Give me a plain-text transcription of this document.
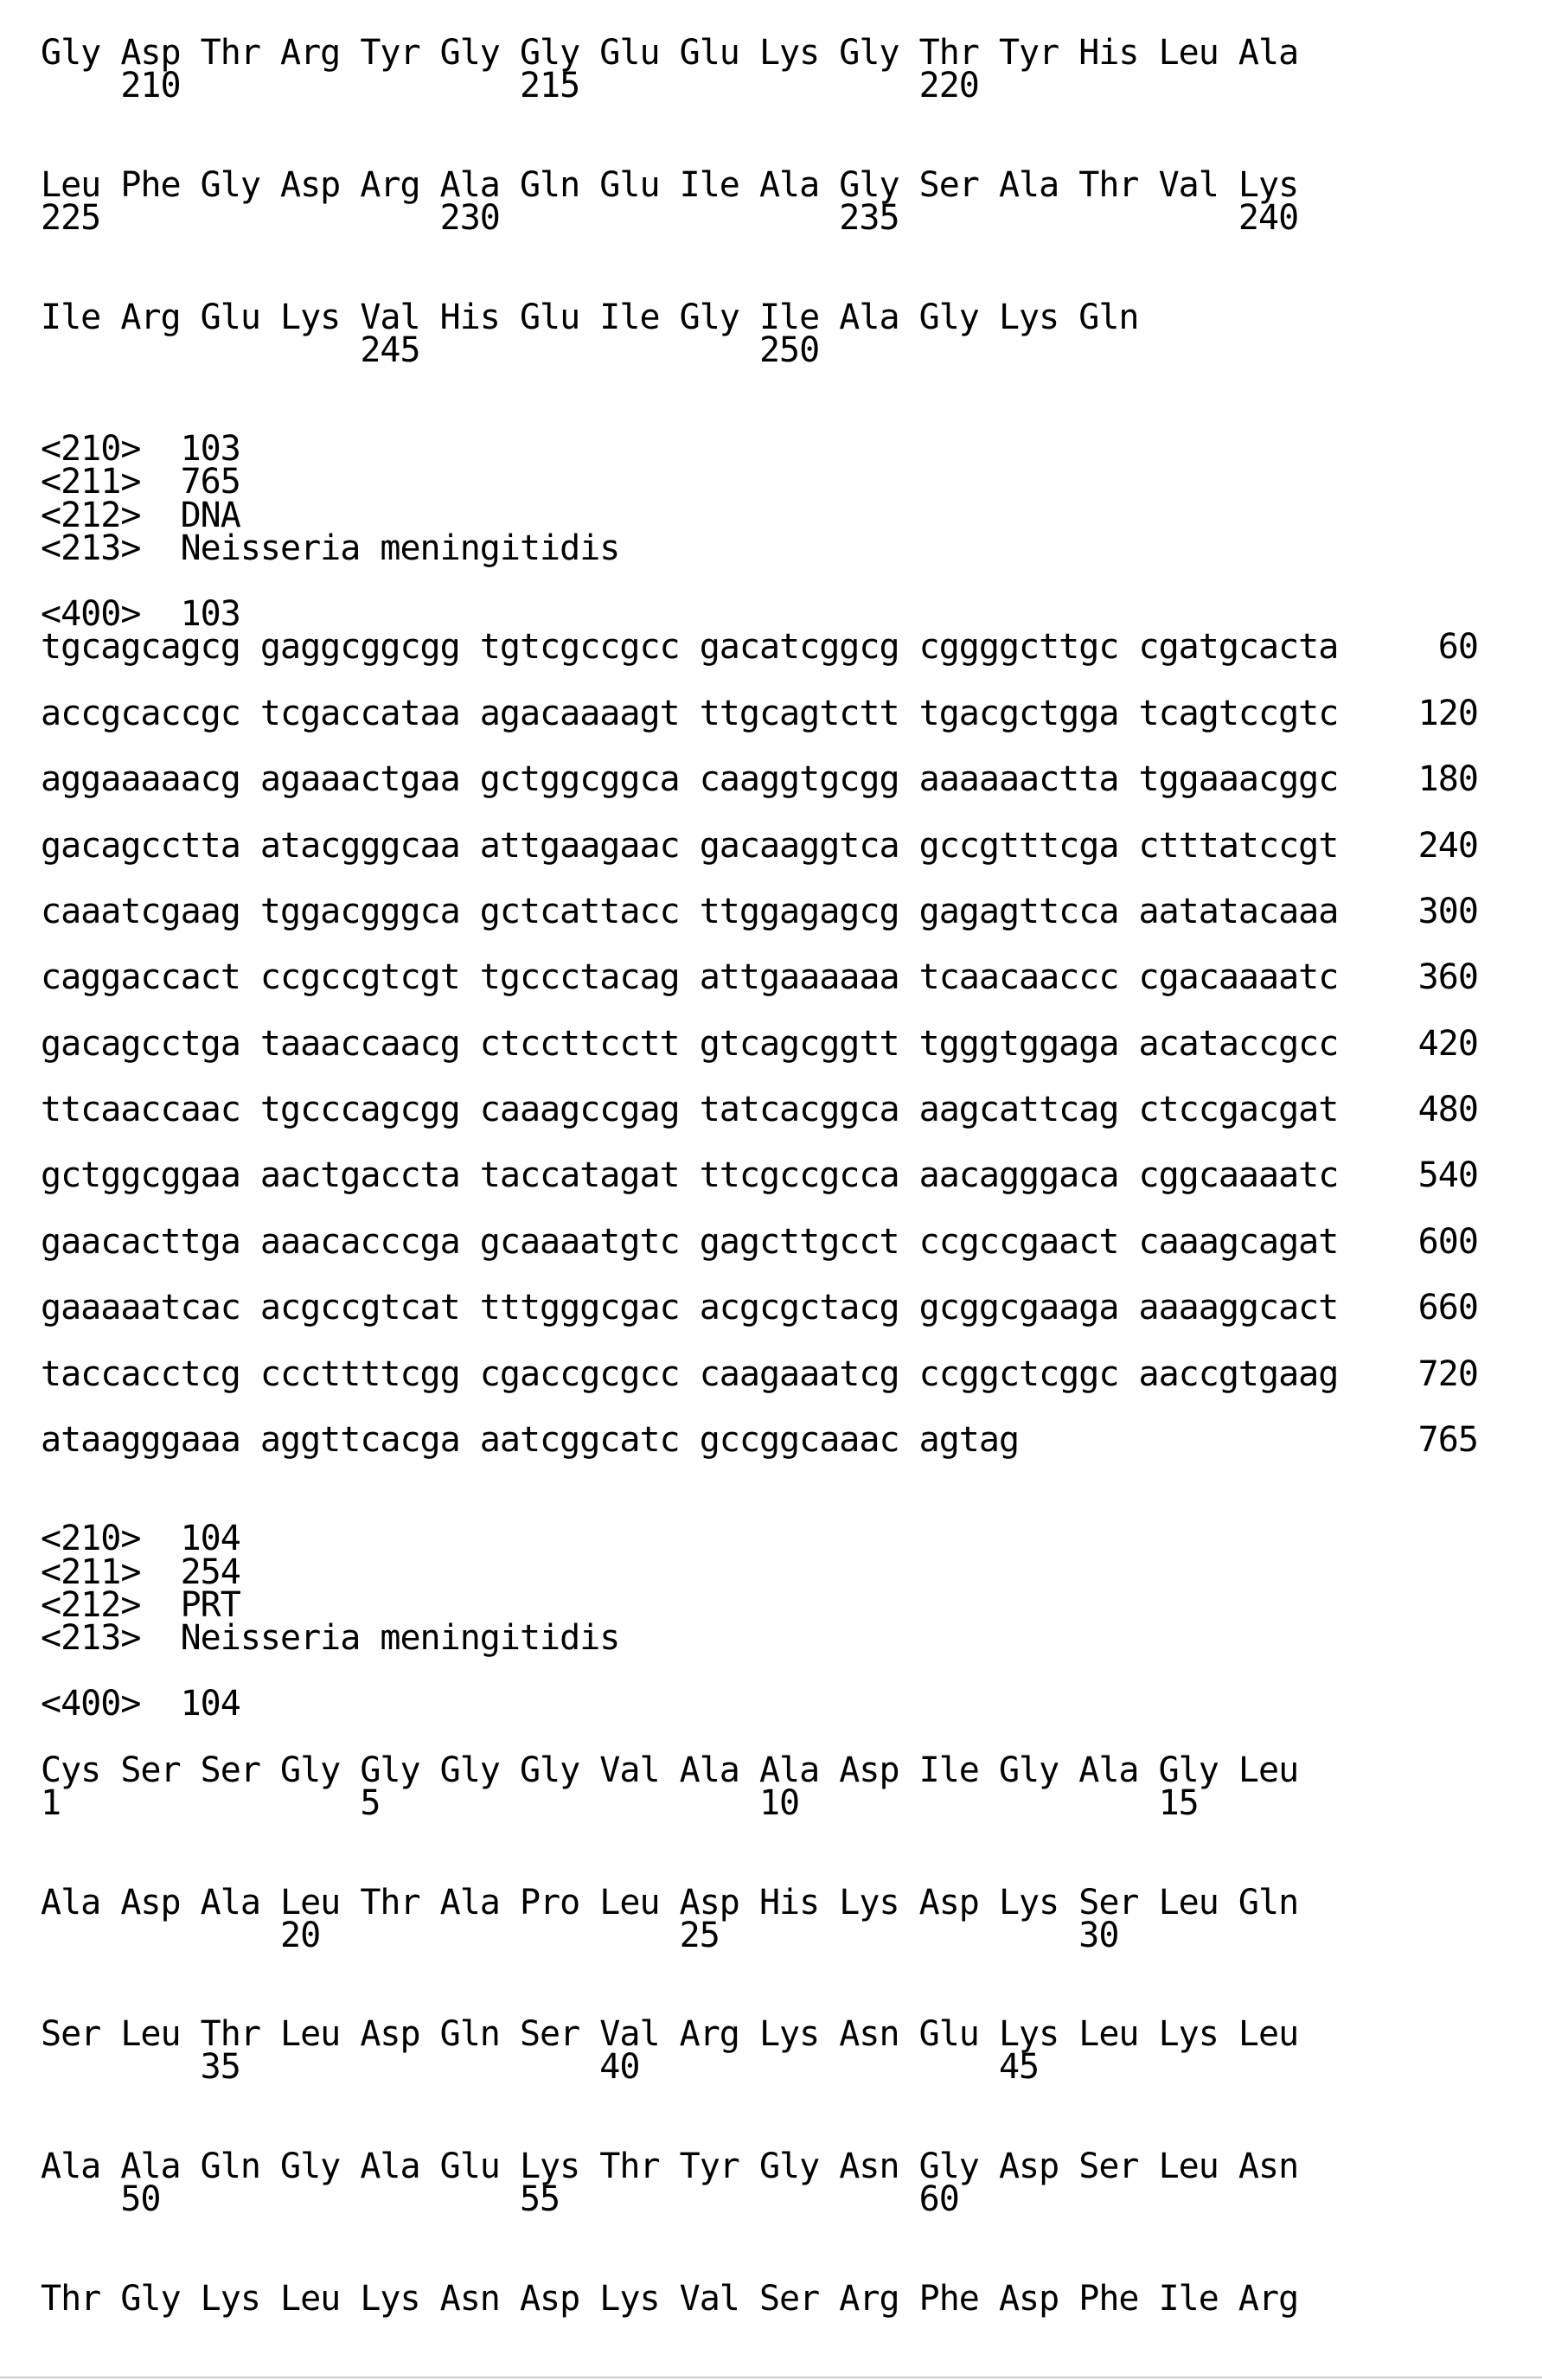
Gly Asp Thr Arg Tyr Gly Gly Glu Glu Lys Gly Thr Tyr His Leu Ala
210                 215                 220
Leu Phe Gly Asp Arg Ala Gln Glu Ile Ala Gly Ser Ala Thr Val Lys
225                 230                 235                 240
Ile Arg Glu Lys Val His Glu Ile Gly Ile Ala Gly Lys Gln
245                 250
<210>  103
<211>  765
<212>  DNA
<213>  Neisseria meningitidis
<400>  103
tgcagcagcg gaggcggcgg tgtcgccgcc gacatcggcg cggggcttgc cgatgcacta     60
accgcaccgc tcgaccataa agacaaaagt ttgcagtctt tgacgctgga tcagtccgtc    120
aggaaaaacg agaaactgaa gctggcggca caaggtgcgg aaaaaactta tggaaacggc    180
gacagcctta atacgggcaa attgaagaac gacaaggtca gccgtttcga ctttatccgt    240
caaatcgaag tggacgggca gctcattacc ttggagagcg gagagttcca aatatacaaa    300
caggaccact ccgccgtcgt tgccctacag attgaaaaaa tcaacaaccc cgacaaaatc    360
gacagcctga taaaccaacg ctccttcctt gtcagcggtt tgggtggaga acataccgcc    420
ttcaaccaac tgcccagcgg caaagccgag tatcacggca aagcattcag ctccgacgat    480
gctggcggaa aactgaccta taccatagat ttcgccgcca aacagggaca cggcaaaatc    540
gaacacttga aaacacccga gcaaaatgtc gagcttgcct ccgccgaact caaagcagat    600
gaaaaatcac acgccgtcat tttgggcgac acgcgctacg gcggcgaaga aaaaggcact    660
taccacctcg cccttttcgg cgaccgcgcc caagaaatcg ccggctcggc aaccgtgaag    720
ataagggaaa aggttcacga aatcggcatc gccggcaaac agtag                    765
<210>  104
<211>  254
<212>  PRT
<213>  Neisseria meningitidis
<400>  104
Cys Ser Ser Gly Gly Gly Gly Val Ala Ala Asp Ile Gly Ala Gly Leu
1               5                   10                  15
Ala Asp Ala Leu Thr Ala Pro Leu Asp His Lys Asp Lys Ser Leu Gln
20                  25                  30
Ser Leu Thr Leu Asp Gln Ser Val Arg Lys Asn Glu Lys Leu Lys Leu
35                  40                  45
Ala Ala Gln Gly Ala Glu Lys Thr Tyr Gly Asn Gly Asp Ser Leu Asn
50                  55                  60
Thr Gly Lys Leu Lys Asn Asp Lys Val Ser Arg Phe Asp Phe Ile Arg
